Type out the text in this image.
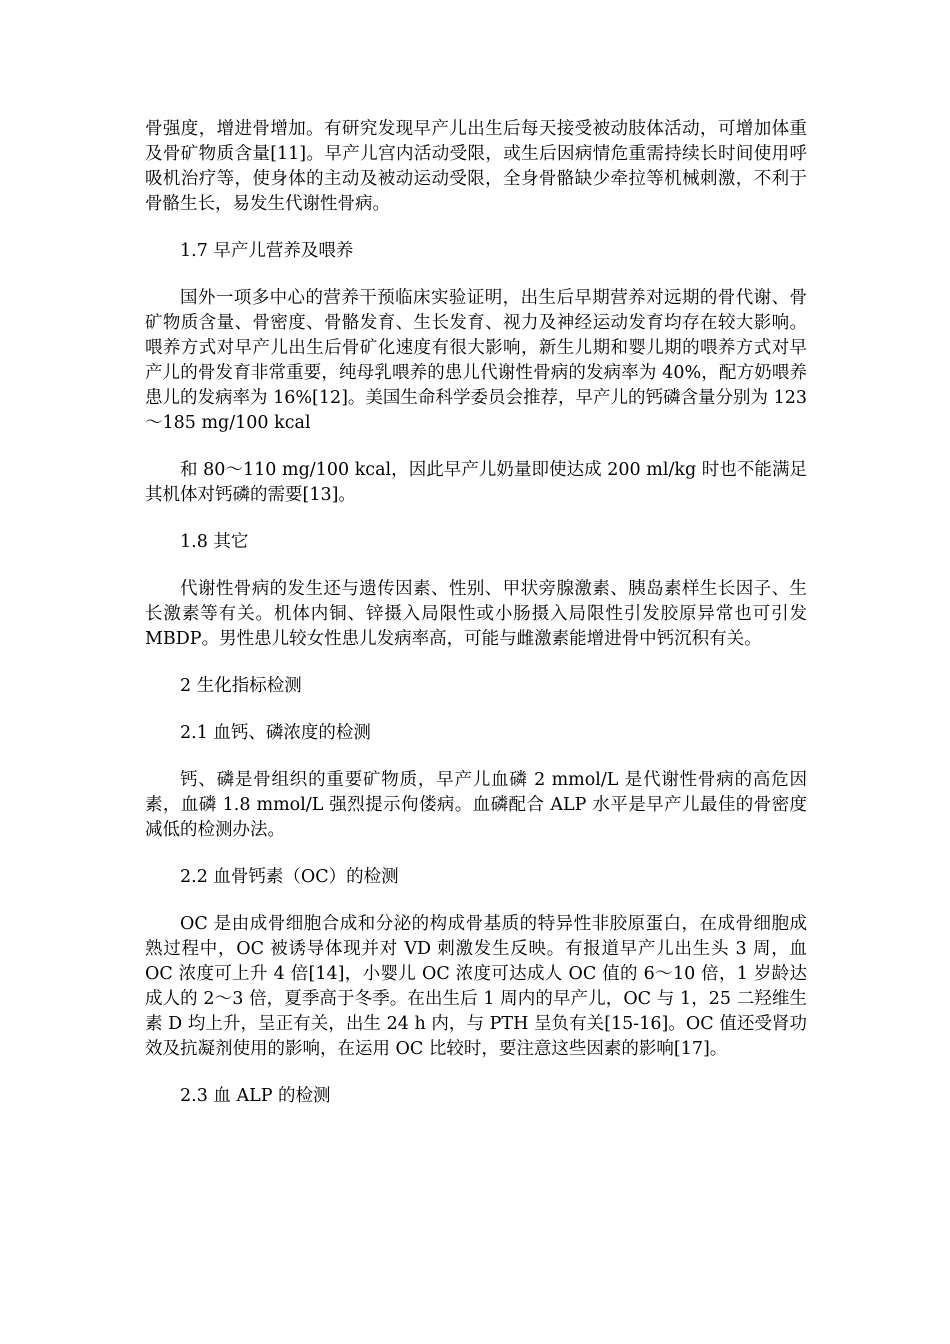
骨强度，增进骨增加。有研究发现早产儿出生后每天接受被动肢体活动，可增加体重及骨矿物质含量[11]。早产儿宫内活动受限，或生后因病情危重需持续长时间使用呼吸机治疗等，使身体的主动及被动运动受限，全身骨骼缺少牵拉等机械刺激，不利于骨骼生长，易发生代谢性骨病。

1.7 早产儿营养及喂养

国外一项多中心的营养干预临床实验证明，出生后早期营养对远期的骨代谢、骨矿物质含量、骨密度、骨骼发育、生长发育、视力及神经运动发育均存在较大影响。喂养方式对早产儿出生后骨矿化速度有很大影响，新生儿期和婴儿期的喂养方式对早产儿的骨发育非常重要，纯母乳喂养的患儿代谢性骨病的发病率为 40%，配方奶喂养患儿的发病率为 16%[12]。美国生命科学委员会推荐，早产儿的钙磷含量分别为 123～185 mg/100 kcal

和 80～110 mg/100 kcal，因此早产儿奶量即使达成 200 ml/kg 时也不能满足其机体对钙磷的需要[13]。

1.8 其它

代谢性骨病的发生还与遗传因素、性别、甲状旁腺激素、胰岛素样生长因子、生长激素等有关。机体内铜、锌摄入局限性或小肠摄入局限性引发胶原异常也可引发 MBDP。男性患儿较女性患儿发病率高，可能与雌激素能增进骨中钙沉积有关。

2 生化指标检测

2.1 血钙、磷浓度的检测

钙、磷是骨组织的重要矿物质，早产儿血磷 2 mmol/L 是代谢性骨病的高危因素，血磷 1.8 mmol/L 强烈提示佝偻病。血磷配合 ALP 水平是早产儿最佳的骨密度减低的检测办法。

2.2 血骨钙素（OC）的检测

OC 是由成骨细胞合成和分泌的构成骨基质的特异性非胶原蛋白，在成骨细胞成熟过程中，OC 被诱导体现并对 VD 刺激发生反映。有报道早产儿出生头 3 周，血 OC 浓度可上升 4 倍[14]，小婴儿 OC 浓度可达成人 OC 值的 6～10 倍，1 岁龄达成人的 2～3 倍，夏季高于冬季。在出生后 1 周内的早产儿，OC 与 1，25 二羟维生素 D 均上升，呈正有关，出生 24 h 内，与 PTH 呈负有关[15-16]。OC 值还受肾功效及抗凝剂使用的影响，在运用 OC 比较时，要注意这些因素的影响[17]。

2.3 血 ALP 的检测
